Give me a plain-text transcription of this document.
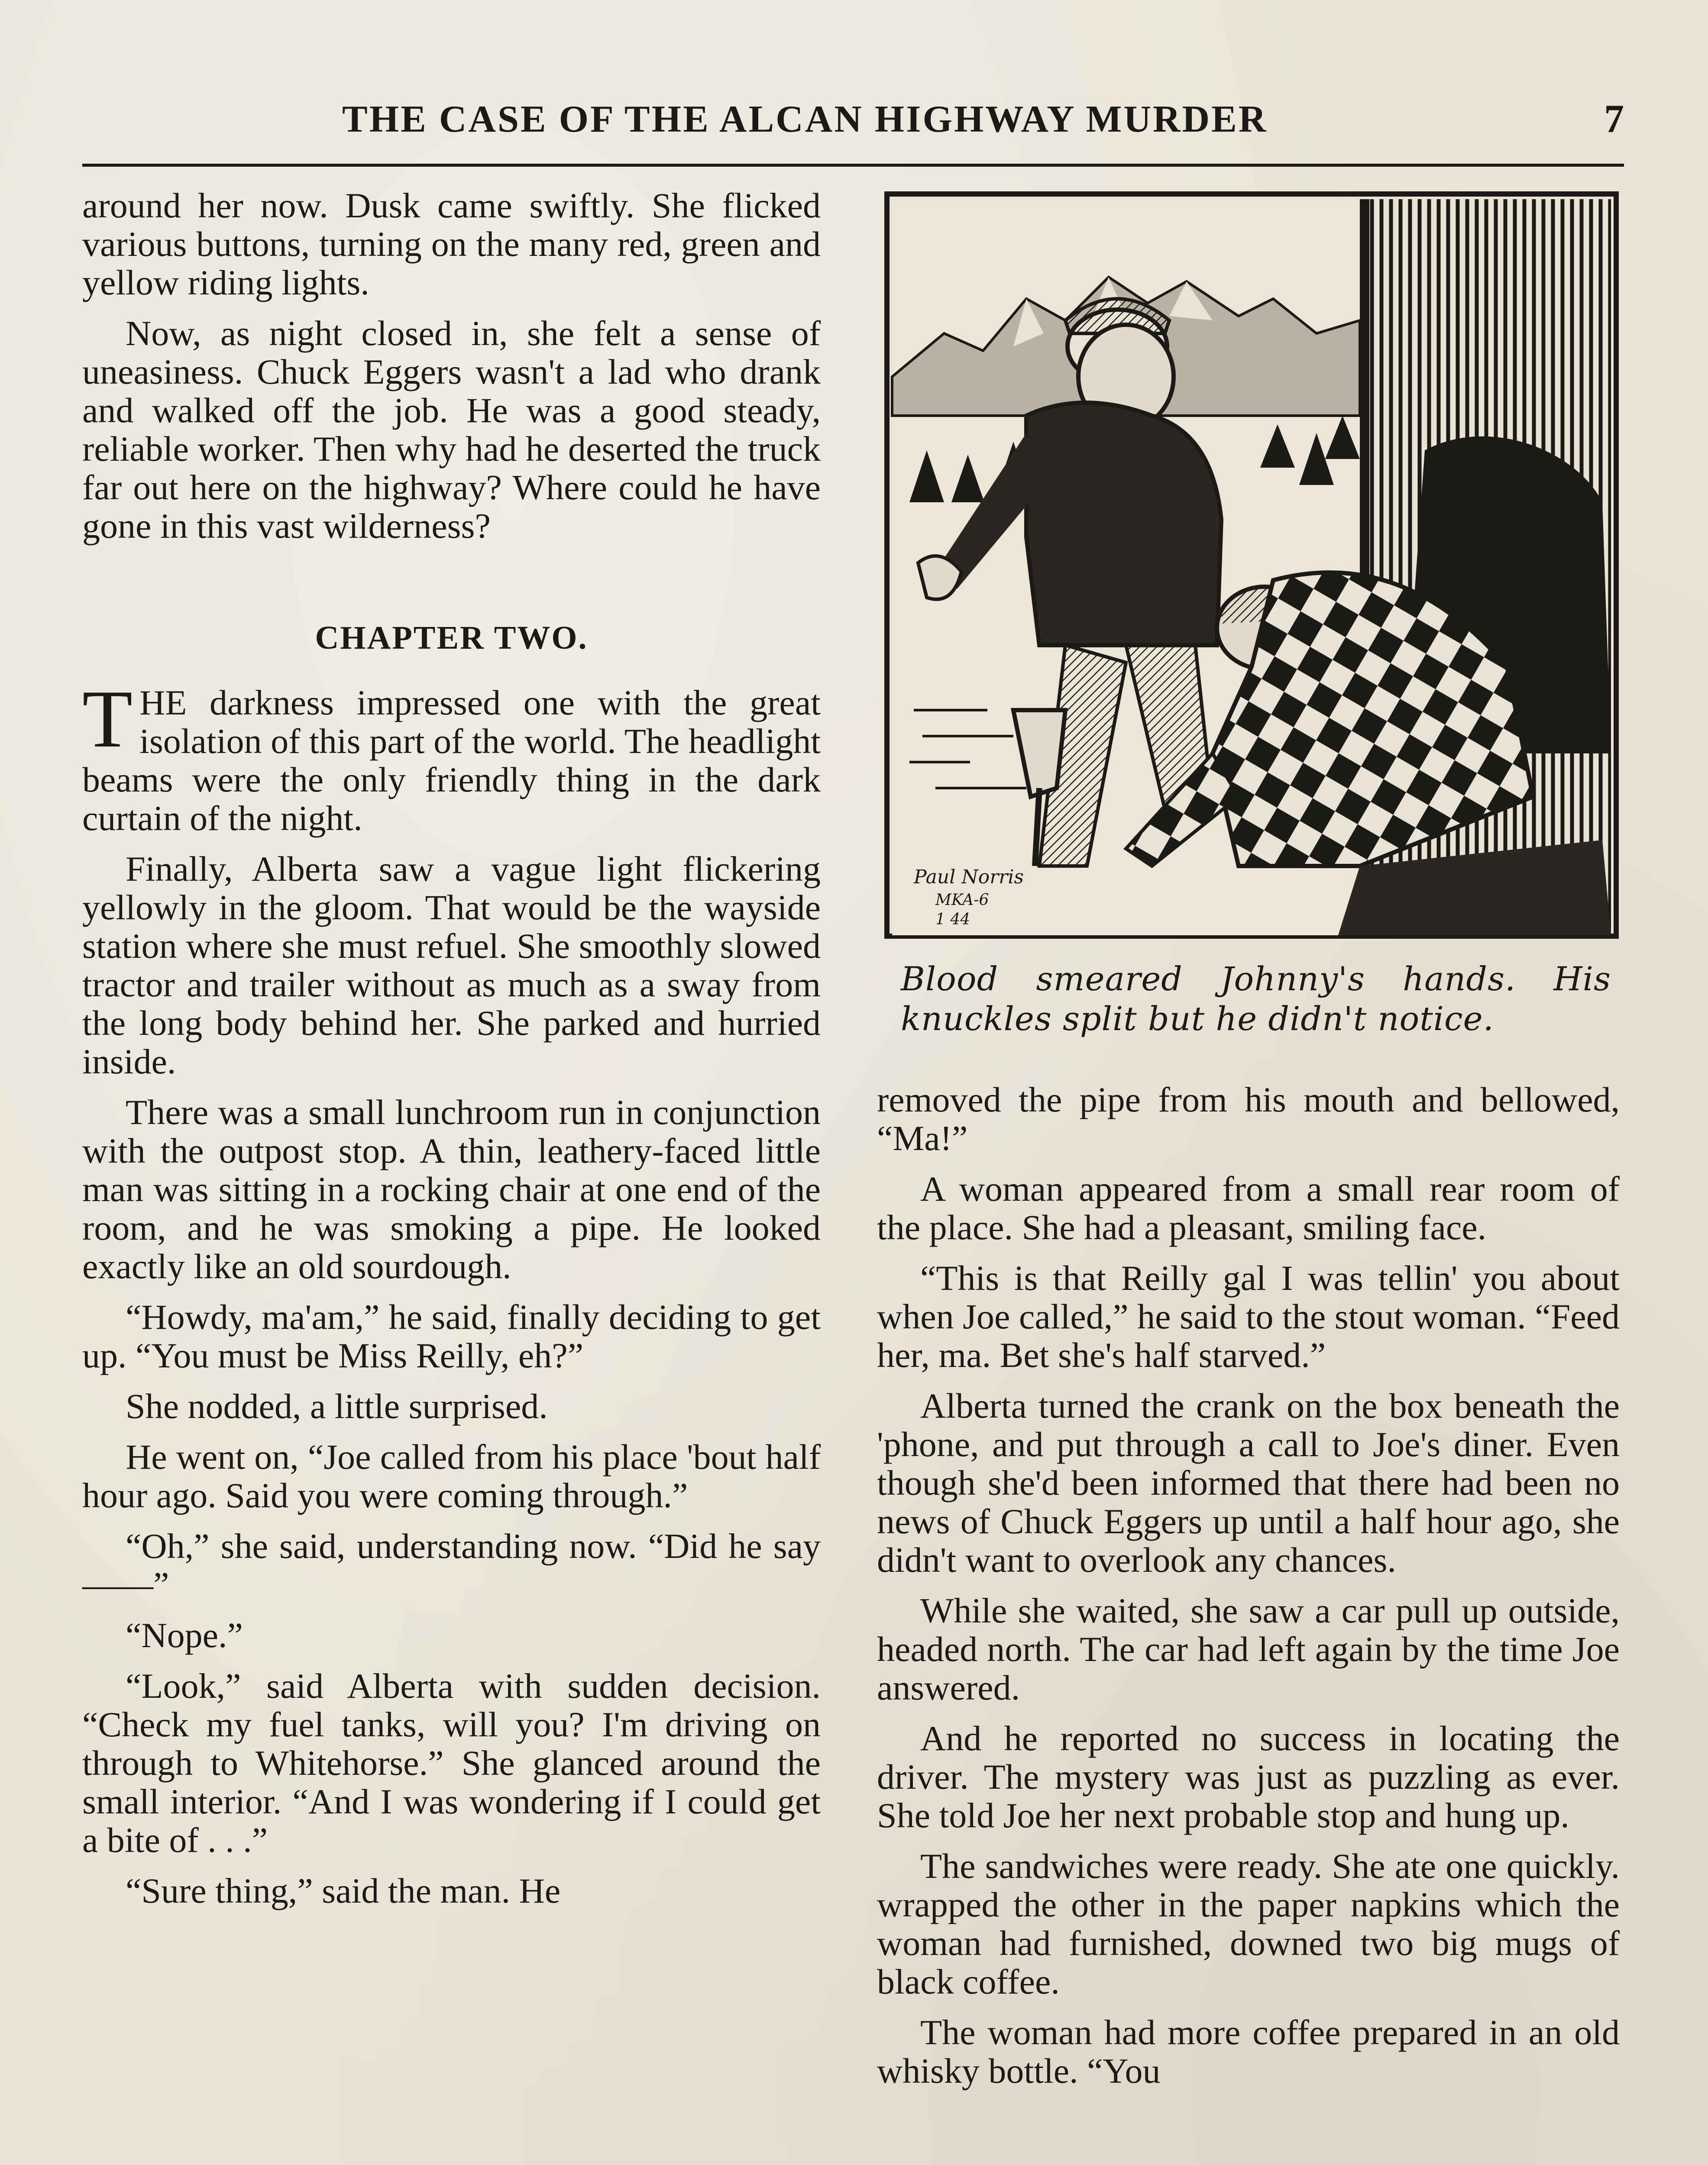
THE CASE OF THE ALCAN HIGHWAY MURDER	7

around her now. Dusk came swiftly. She flicked various buttons, turning on the many red, green and yellow riding lights.

Now, as night closed in, she felt a sense of uneasiness. Chuck Eggers wasn't a lad who drank and walked off the job. He was a good steady, reliable worker. Then why had he deserted the truck far out here on the highway? Where could he have gone in this vast wilderness?

CHAPTER TWO.

THE darkness impressed one with the great isolation of this part of the world. The headlight beams were the only friendly thing in the dark curtain of the night.

Finally, Alberta saw a vague light flickering yellowly in the gloom. That would be the wayside station where she must refuel. She smoothly slowed tractor and trailer without as much as a sway from the long body behind her. She parked and hurried inside.

There was a small lunchroom run in conjunction with the outpost stop. A thin, leathery-faced little man was sitting in a rocking chair at one end of the room, and he was smoking a pipe. He looked exactly like an old sourdough.

“Howdy, ma'am,” he said, finally deciding to get up. “You must be Miss Reilly, eh?”

She nodded, a little surprised.

He went on, “Joe called from his place 'bout half hour ago. Said you were coming through.”

“Oh,” she said, understanding now. “Did he say——”

“Nope.”

“Look,” said Alberta with sudden decision. “Check my fuel tanks, will you? I'm driving on through to Whitehorse.” She glanced around the small interior. “And I was wondering if I could get a bite of . . .”

“Sure thing,” said the man. He

Paul Norris
MKA-6
1 44
Blood smeared Johnny's hands. His knuckles split but he didn't notice.

removed the pipe from his mouth and bellowed, “Ma!”

A woman appeared from a small rear room of the place. She had a pleasant, smiling face.

“This is that Reilly gal I was tellin' you about when Joe called,” he said to the stout woman. “Feed her, ma. Bet she's half starved.”

Alberta turned the crank on the box beneath the 'phone, and put through a call to Joe's diner. Even though she'd been informed that there had been no news of Chuck Eggers up until a half hour ago, she didn't want to overlook any chances.

While she waited, she saw a car pull up outside, headed north. The car had left again by the time Joe answered.

And he reported no success in locating the driver. The mystery was just as puzzling as ever. She told Joe her next probable stop and hung up.

The sandwiches were ready. She ate one quickly. wrapped the other in the paper napkins which the woman had furnished, downed two big mugs of black coffee.

The woman had more coffee prepared in an old whisky bottle. “You
